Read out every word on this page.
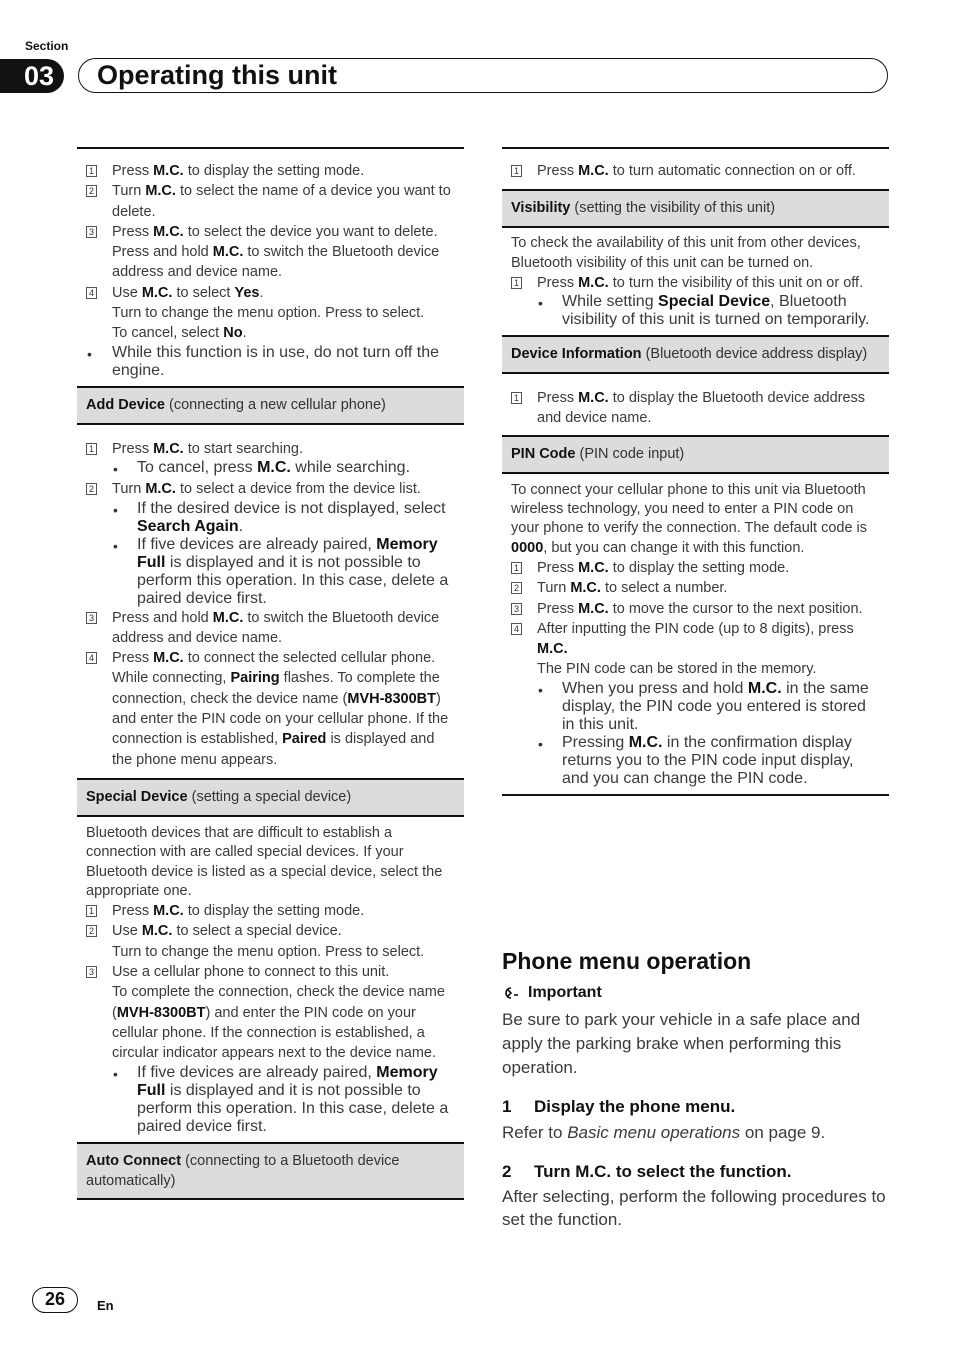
Section
03	Operating this unit
1 Press M.C. to display the setting mode.
2 Turn M.C. to select the name of a device you want to delete.
3 Press M.C. to select the device you want to delete.
Press and hold M.C. to switch the Bluetooth device address and device name.
4 Use M.C. to select Yes.
Turn to change the menu option. Press to select.
To cancel, select No.
•	While this function is in use, do not turn off the engine.
Add Device (connecting a new cellular phone)
1 Press M.C. to start searching.
•	To cancel, press M.C. while searching.
2 Turn M.C. to select a device from the device list.
•	If the desired device is not displayed, select Search Again.
•	If five devices are already paired, Memory Full is displayed and it is not possible to perform this operation. In this case, delete a paired device first.
3 Press and hold M.C. to switch the Bluetooth device address and device name.
4 Press M.C. to connect the selected cellular phone.
While connecting, Pairing flashes. To complete the connection, check the device name (MVH-8300BT) and enter the PIN code on your cellular phone. If the connection is established, Paired is displayed and the phone menu appears.
Special Device (setting a special device)

Bluetooth devices that are difficult to establish a connection with are called special devices. If your Bluetooth device is listed as a special device, select the appropriate one.

1 Press M.C. to display the setting mode.
2 Use M.C. to select a special device.
Turn to change the menu option. Press to select.
3 Use a cellular phone to connect to this unit.
To complete the connection, check the device name (MVH-8300BT) and enter the PIN code on your cellular phone. If the connection is established, a circular indicator appears next to the device name.
•	If five devices are already paired, Memory Full is displayed and it is not possible to perform this operation. In this case, delete a paired device first.
Auto Connect (connecting to a Bluetooth device automatically)
1 Press M.C. to turn automatic connection on or off.
Visibility (setting the visibility of this unit)

To check the availability of this unit from other devices, Bluetooth visibility of this unit can be turned on.

1 Press M.C. to turn the visibility of this unit on or off.
•	While setting Special Device, Bluetooth visibility of this unit is turned on temporarily.
Device Information (Bluetooth device address display)
1 Press M.C. to display the Bluetooth device address and device name.
PIN Code (PIN code input)

To connect your cellular phone to this unit via Bluetooth wireless technology, you need to enter a PIN code on your phone to verify the connection. The default code is 0000, but you can change it with this function.

1 Press M.C. to display the setting mode.
2 Turn M.C. to select a number.
3 Press M.C. to move the cursor to the next position.
4 After inputting the PIN code (up to 8 digits), press M.C.
The PIN code can be stored in the memory.
•	When you press and hold M.C. in the same display, the PIN code you entered is stored in this unit.
•	Pressing M.C. in the confirmation display returns you to the PIN code input display, and you can change the PIN code.
Phone menu operation
Important
Be sure to park your vehicle in a safe place and apply the parking brake when performing this operation.
1 Display the phone menu.
Refer to Basic menu operations on page 9.
2 Turn M.C. to select the function.
After selecting, perform the following procedures to set the function.
26	En
